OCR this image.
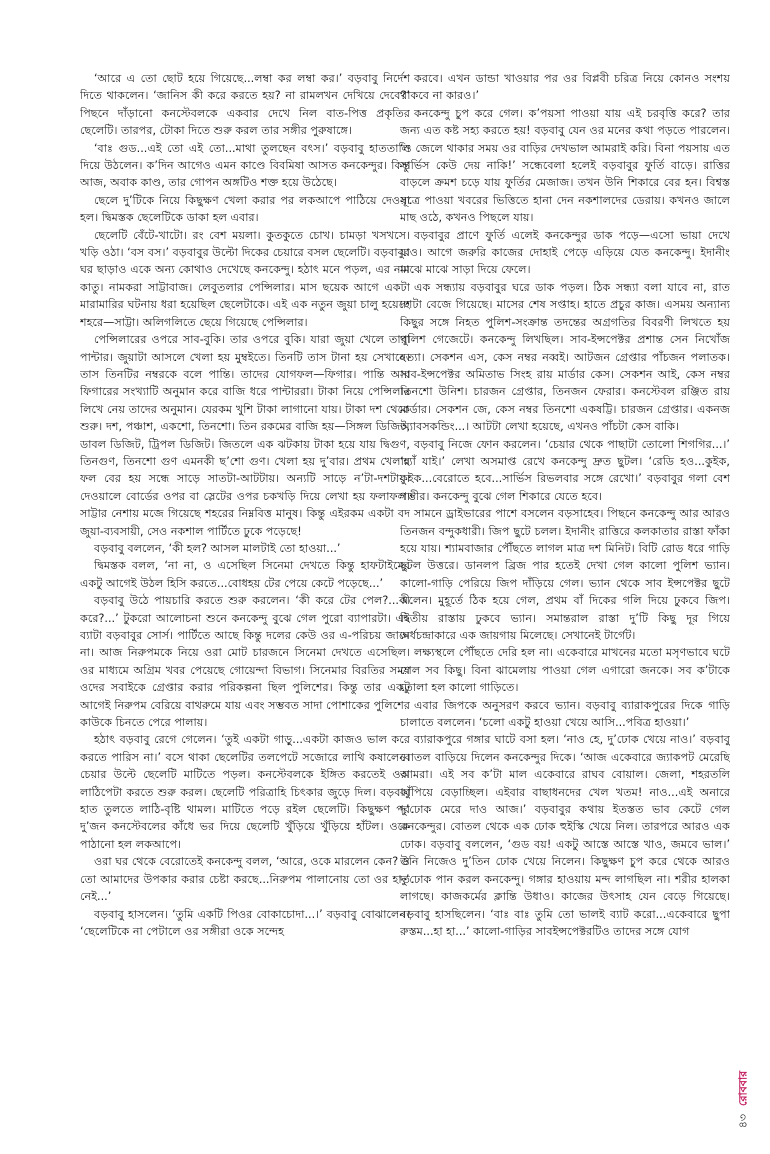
‘আরে এ তো ছোট হয়ে গিয়েছে...লম্বা কর লম্বা কর।’ বড়বাবু নির্দেশ দিতে থাকলেন। ‘জানিস কী করে করতে হয়? না রামলখন দেখিয়ে দেবে?’ পিছনে দাঁড়ানো কনস্টেবলকে একবার দেখে নিল বাত-পিত্ত প্রকৃতির ছেলেটি। তারপর, টোকা দিতে শুরু করল তার সঙ্গীর পুরুষাঙ্গে।

‘বাঃ গুড...এই তো এই তো...মাথা তুলছেন বৎস।’ বড়বাবু হাততালি দিয়ে উঠলেন। ক’দিন আগেও এমন কাণ্ডে বিবমিষা আসত কনকেন্দুর। কিন্তু আজ, অবাক কাণ্ড, তার গোপন অঙ্গটিও শক্ত হয়ে উঠেছে।

ছেলে দু’টিকে নিয়ে কিছুক্ষণ খেলা করার পর লকআপে পাঠিয়ে দেওয়া হল। দ্বিমস্তক ছেলেটিকে ডাকা হল এবার।

ছেলেটি বেঁটে-খাটো। রং বেশ ময়লা। কুতকুতে চোখ। চামড়া খসখসে। খড়ি ওঠা। ‘বস বস।’ বড়বাবুর উল্টো দিকের চেয়ারে বসল ছেলেটি। বড়বাবুর ঘর ছাড়াও একে অন্য কোথাও দেখেছে কনকেন্দু। হঠাৎ মনে পড়ল, এর নাম কাতু। নামকরা সাট্টাবাজ। লেবুতলার পেন্সিলার। মাস ছয়েক আগে একটা মারামারির ঘটনায় ধরা হয়েছিল ছেলেটাকে। এই এক নতুন জুয়া চালু হয়েছে শহরে—সাট্টা। অলিগলিতে ছেয়ে গিয়েছে পেন্সিলার।

পেন্সিলারের ওপরে সাব-বুকি। তার ওপরে বুকি। যারা জুয়া খেলে তারা পান্টার। জুয়াটা আসলে খেলা হয় মুম্বইতে। তিনটি তাস টানা হয় সেখানে। তাস তিনটির নম্বরকে বলে পান্তি। তাদের যোগফল—ফিগার। পান্তি আর ফিগারের সংখ্যাটি অনুমান করে বাজি ধরে পান্টাররা। টাকা নিয়ে পেন্সিলার লিখে নেয় তাদের অনুমান। যেরকম খুশি টাকা লাগানো যায়। টাকা দশ থেকে শুরু। দশ, পঞ্চাশ, একশো, তিনশো। তিন রকমের বাজি হয়—সিঙ্গল ডিজিট, ডাবল ডিজিট, ট্রিপল ডিজিট। জিতলে এক ঝটকায় টাকা হয়ে যায় দ্বিগুণ, তিনগুণ, তিনশো গুণ এমনকী ছ’শো গুণ। খেলা হয় দু’বার। প্রথম খেলার ফল বের হয় সন্ধে সাড়ে সাতটা-আটটায়। অন্যটি সাড়ে ন’টা-দশটায়। দেওয়ালে বোর্ডের ওপর বা স্লেটের ওপর চকখড়ি দিয়ে লেখা হয় ফলাফল। সাট্টার নেশায় মজে গিয়েছে শহরের নিম্নবিত্ত মানুষ। কিন্তু এইরকম একটা বদ জুয়া-ব্যবসায়ী, সেও নকশাল পার্টিতে ঢুকে পড়েছে!

বড়বাবু বললেন, ‘কী হল? আসল মালটাই তো হাওয়া...’

দ্বিমস্তক বলল, ‘না না, ও এসেছিল সিনেমা দেখতে কিন্তু হাফটাইমের একটু আগেই উঠল হিসি করতে...বোধহয় টের পেয়ে কেটে পড়েছে...’

বড়বাবু উঠে পায়চারি করতে শুরু করলেন। ‘কী করে টের পেল?...কী করে?...’ টুকরো আলোচনা শুনে কনকেন্দু বুঝে গেল পুরো ব্যাপারটা। এই ব্যাটা বড়বাবুর সোর্স। পার্টিতে আছে কিন্তু দলের কেউ ওর এ-পরিচয় জানে না। আজ নিরুপমকে নিয়ে ওরা মোট চারজনে সিনেমা দেখতে এসেছিল। ওর মাধ্যমে অগ্রিম খবর পেয়েছে গোয়েন্দা বিভাগ। সিনেমার বিরতির সময় ওদের সবাইকে গ্রেপ্তার করার পরিকল্পনা ছিল পুলিশের। কিন্তু তার একটু আগেই নিরুপম বেরিয়ে বাথরুমে যায় এবং সম্ভবত সাদা পোশাকের পুলিশের কাউকে চিনতে পেরে পালায়।

হঠাৎ বড়বাবু রেগে গেলেন। ‘তুই একটা গাড়ু...একটা কাজও ভাল করে করতে পারিস না।’ বসে থাকা ছেলেটির তলপেটে সজোরে লাথি কষালেন। চেয়ার উল্টে ছেলেটি মাটিতে পড়ল। কনস্টেবলকে ইঙ্গিত করতেই ওরা লাঠিপেটা করতে শুরু করল। ছেলেটি পরিত্রাহি চিৎকার জুড়ে দিল। বড়বাবু হাত তুলতে লাঠি-বৃষ্টি থামল। মাটিতে পড়ে রইল ছেলেটি। কিছুক্ষণ পর দু’জন কনস্টেবলের কাঁধে ভর দিয়ে ছেলেটি খুঁড়িয়ে খুঁড়িয়ে হাঁটল। ওকে পাঠানো হল লকআপে।

ওরা ঘর থেকে বেরোতেই কনকেন্দু বলল, ‘আরে, ওকে মারলেন কেন? ও তো আমাদের উপকার করার চেষ্টা করছে...নিরুপম পালানোয় তো ওর হাত নেই...’

বড়বাবু হাসলেন। ‘তুমি একটি পিওর বোকাচোদা...।’ বড়বাবু বোঝালেন। ‘ছেলেটিকে না পেটালে ওর সঙ্গীরা ওকে সন্দেহ

করবে। এখন ডান্ডা খাওয়ার পর ওর বিপ্লবী চরিত্র নিয়ে কোনও সংশয় থাকবে না কারও।’

কনকেন্দু চুপ করে গেল। ক’পয়সা পাওয়া যায় এই চরবৃত্তি করে? তার জন্য এত কষ্ট সহ্য করতে হয়! বড়বাবু যেন ওর মনের কথা পড়তে পারলেন। ‘ও জেলে থাকার সময় ওর বাড়ির দেখভাল আমরাই করি। বিনা পয়সায় এত সার্ভিস কেউ দেয় নাকি!’ সন্ধেবেলা হলেই বড়বাবুর ফুর্তি বাড়ে। রাত্তির বাড়লে ক্রমশ চড়ে যায় ফুর্তির মেজাজ। তখন উনি শিকারে বের হন। বিশ্বস্ত সূত্রে পাওয়া খবরের ভিত্তিতে হানা দেন নকশালদের ডেরায়। কখনও জালে মাছ ওঠে, কখনও পিছলে যায়।

বড়বাবুর প্রাণে ফুর্তি এলেই কনকেন্দুর ডাক পড়ে—এসো ভায়া দেখে যাও। আগে জরুরি কাজের দোহাই পেড়ে এড়িয়ে যেত কনকেন্দু। ইদানীং মাঝে মাঝে সাড়া দিয়ে ফেলে।

এক সন্ধ্যায় বড়বাবুর ঘরে ডাক পড়ল। ঠিক সন্ধ্যা বলা যাবে না, রাত দশটা বেজে গিয়েছে। মাসের শেষ সপ্তাহ। হাতে প্রচুর কাজ। এসময় অন্যান্য কিছুর সঙ্গে নিহত পুলিশ-সংক্রান্ত তদন্তের অগ্রগতির বিবরণী লিখতে হয় পুলিশ গেজেটে। কনকেন্দু লিখছিল। সাব-ইন্সপেক্টর প্রশান্ত সেন নিখোঁজ হত্যা। সেকশন এস, কেস নম্বর নব্বই। আটজন গ্রেপ্তার পাঁচজন পলাতক। সাব-ইন্সপেক্টর অমিতাভ সিংহ রায় মার্ডার কেস। সেকশন আই, কেস নম্বর তিনশো উনিশ। চারজন গ্রেপ্তার, তিনজন ফেরার। কনস্টেবল রঞ্জিত রায় মার্ডার। সেকশন জে, কেস নম্বর তিনশো একষট্টি। চারজন গ্রেপ্তার। একনজ অ্যাবসকন্ডিং...। আটটা লেখা হয়েছে, এখনও পাঁচটা কেস বাকি।

বড়বাবু নিজে ফোন করলেন। ‘চেয়ার থেকে পাছাটা তোলো শিগগির...।’ ‘হ্যাঁ যাই।’ লেখা অসমাপ্ত রেখে কনকেন্দু দ্রুত ছুটল। ‘রেডি হও...কুইক, কুইক...বেরোতে হবে...সার্ভিস রিভলবার সঙ্গে রেখো।’ বড়বাবুর গলা বেশ গম্ভীর। কনকেন্দু বুঝে গেল শিকারে যেতে হবে।

সামনে ড্রাইভারের পাশে বসলেন বড়সাহেব। পিছনে কনকেন্দু আর আরও তিনজন বন্দুকধারী। জিপ ছুটে চলল। ইদানীং রাত্তিরে কলকাতার রাস্তা ফাঁকা হয়ে যায়। শ্যামবাজার পৌঁছতে লাগল মাত্র দশ মিনিট। বিটি রোড ধরে গাড়ি ছুটল উত্তরে। ডানলপ ব্রিজ পার হতেই দেখা গেল কালো পুলিশ ভ্যান। কালো-গাড়ি পেরিয়ে জিপ দাঁড়িয়ে গেল। ভ্যান থেকে সাব ইন্সপেক্টর ছুটে এলেন। মুহূর্তে ঠিক হয়ে গেল, প্রথম বাঁ দিকের গলি দিয়ে ঢুকবে জিপ। দ্বিতীয় রাস্তায় ঢুকবে ভ্যান। সমান্তরাল রাস্তা দু’টি কিছু দূর গিয়ে অর্ধচন্দ্রাকারে এক জায়গায় মিলেছে। সেখানেই টার্গেট।

লক্ষ্যস্থলে পৌঁছতে দেরি হল না। একেবারে মাখনের মতো মসৃণভাবে ঘটে গেল সব কিছু। বিনা ঝামেলায় পাওয়া গেল এগারো জনকে। সব ক’টাকে তোলা হল কালো গাড়িতে।

এবার জিপকে অনুসরণ করবে ভ্যান। বড়বাবু ব্যারাকপুরের দিকে গাড়ি চালাতে বললেন। ‘চলো একটু হাওয়া খেয়ে আসি...পবিত্র হাওয়া।’

ব্যারাকপুরে গঙ্গার ঘাটে বসা হল। ‘নাও হে, দু’ঢোক খেয়ে নাও।’ বড়বাবু বোতল বাড়িয়ে দিলেন কনকেন্দুর দিকে। ‘আজ একেবারে জ্যাকপট মেরেছি আমরা। এই সব ক’টা মাল একেবারে রাঘব বোয়াল। জেলা, শহরতলি কাঁপিয়ে বেড়াচ্ছিল। এইবার বাছাধনদের খেল খতম! নাও...এই অনারে দু’ঢোক মেরে দাও আজ।’ বড়বাবুর কথায় ইতস্তত ভাব কেটে গেল কনকেন্দুর। বোতল থেকে এক ঢোক হুইস্কি খেয়ে নিল। তারপরে আরও এক ঢোক। বড়বাবু বললেন, ‘গুড বয়! একটু আস্তে আস্তে খাও, জমবে ভাল।’ উনি নিজেও দু’তিন ঢোক খেয়ে নিলেন। কিছুক্ষণ চুপ করে থেকে আরও দু’ঢোক পান করল কনকেন্দু। গঙ্গার হাওয়ায় মন্দ লাগছিল না। শরীর হালকা লাগছে। কাজকর্মের ক্লান্তি উধাও। কাজের উৎসাহ যেন বেড়ে গিয়েছে। বড়বাবু হাসছিলেন। ‘বাঃ বাঃ তুমি তো ভালই ব্যাট করো...একেবারে ছুপা রুস্তম...হা হা...’ কালো-গাড়ির সাবইন্সপেক্টরটিও তাদের সঙ্গে যোগ

৪৩
রোববার
